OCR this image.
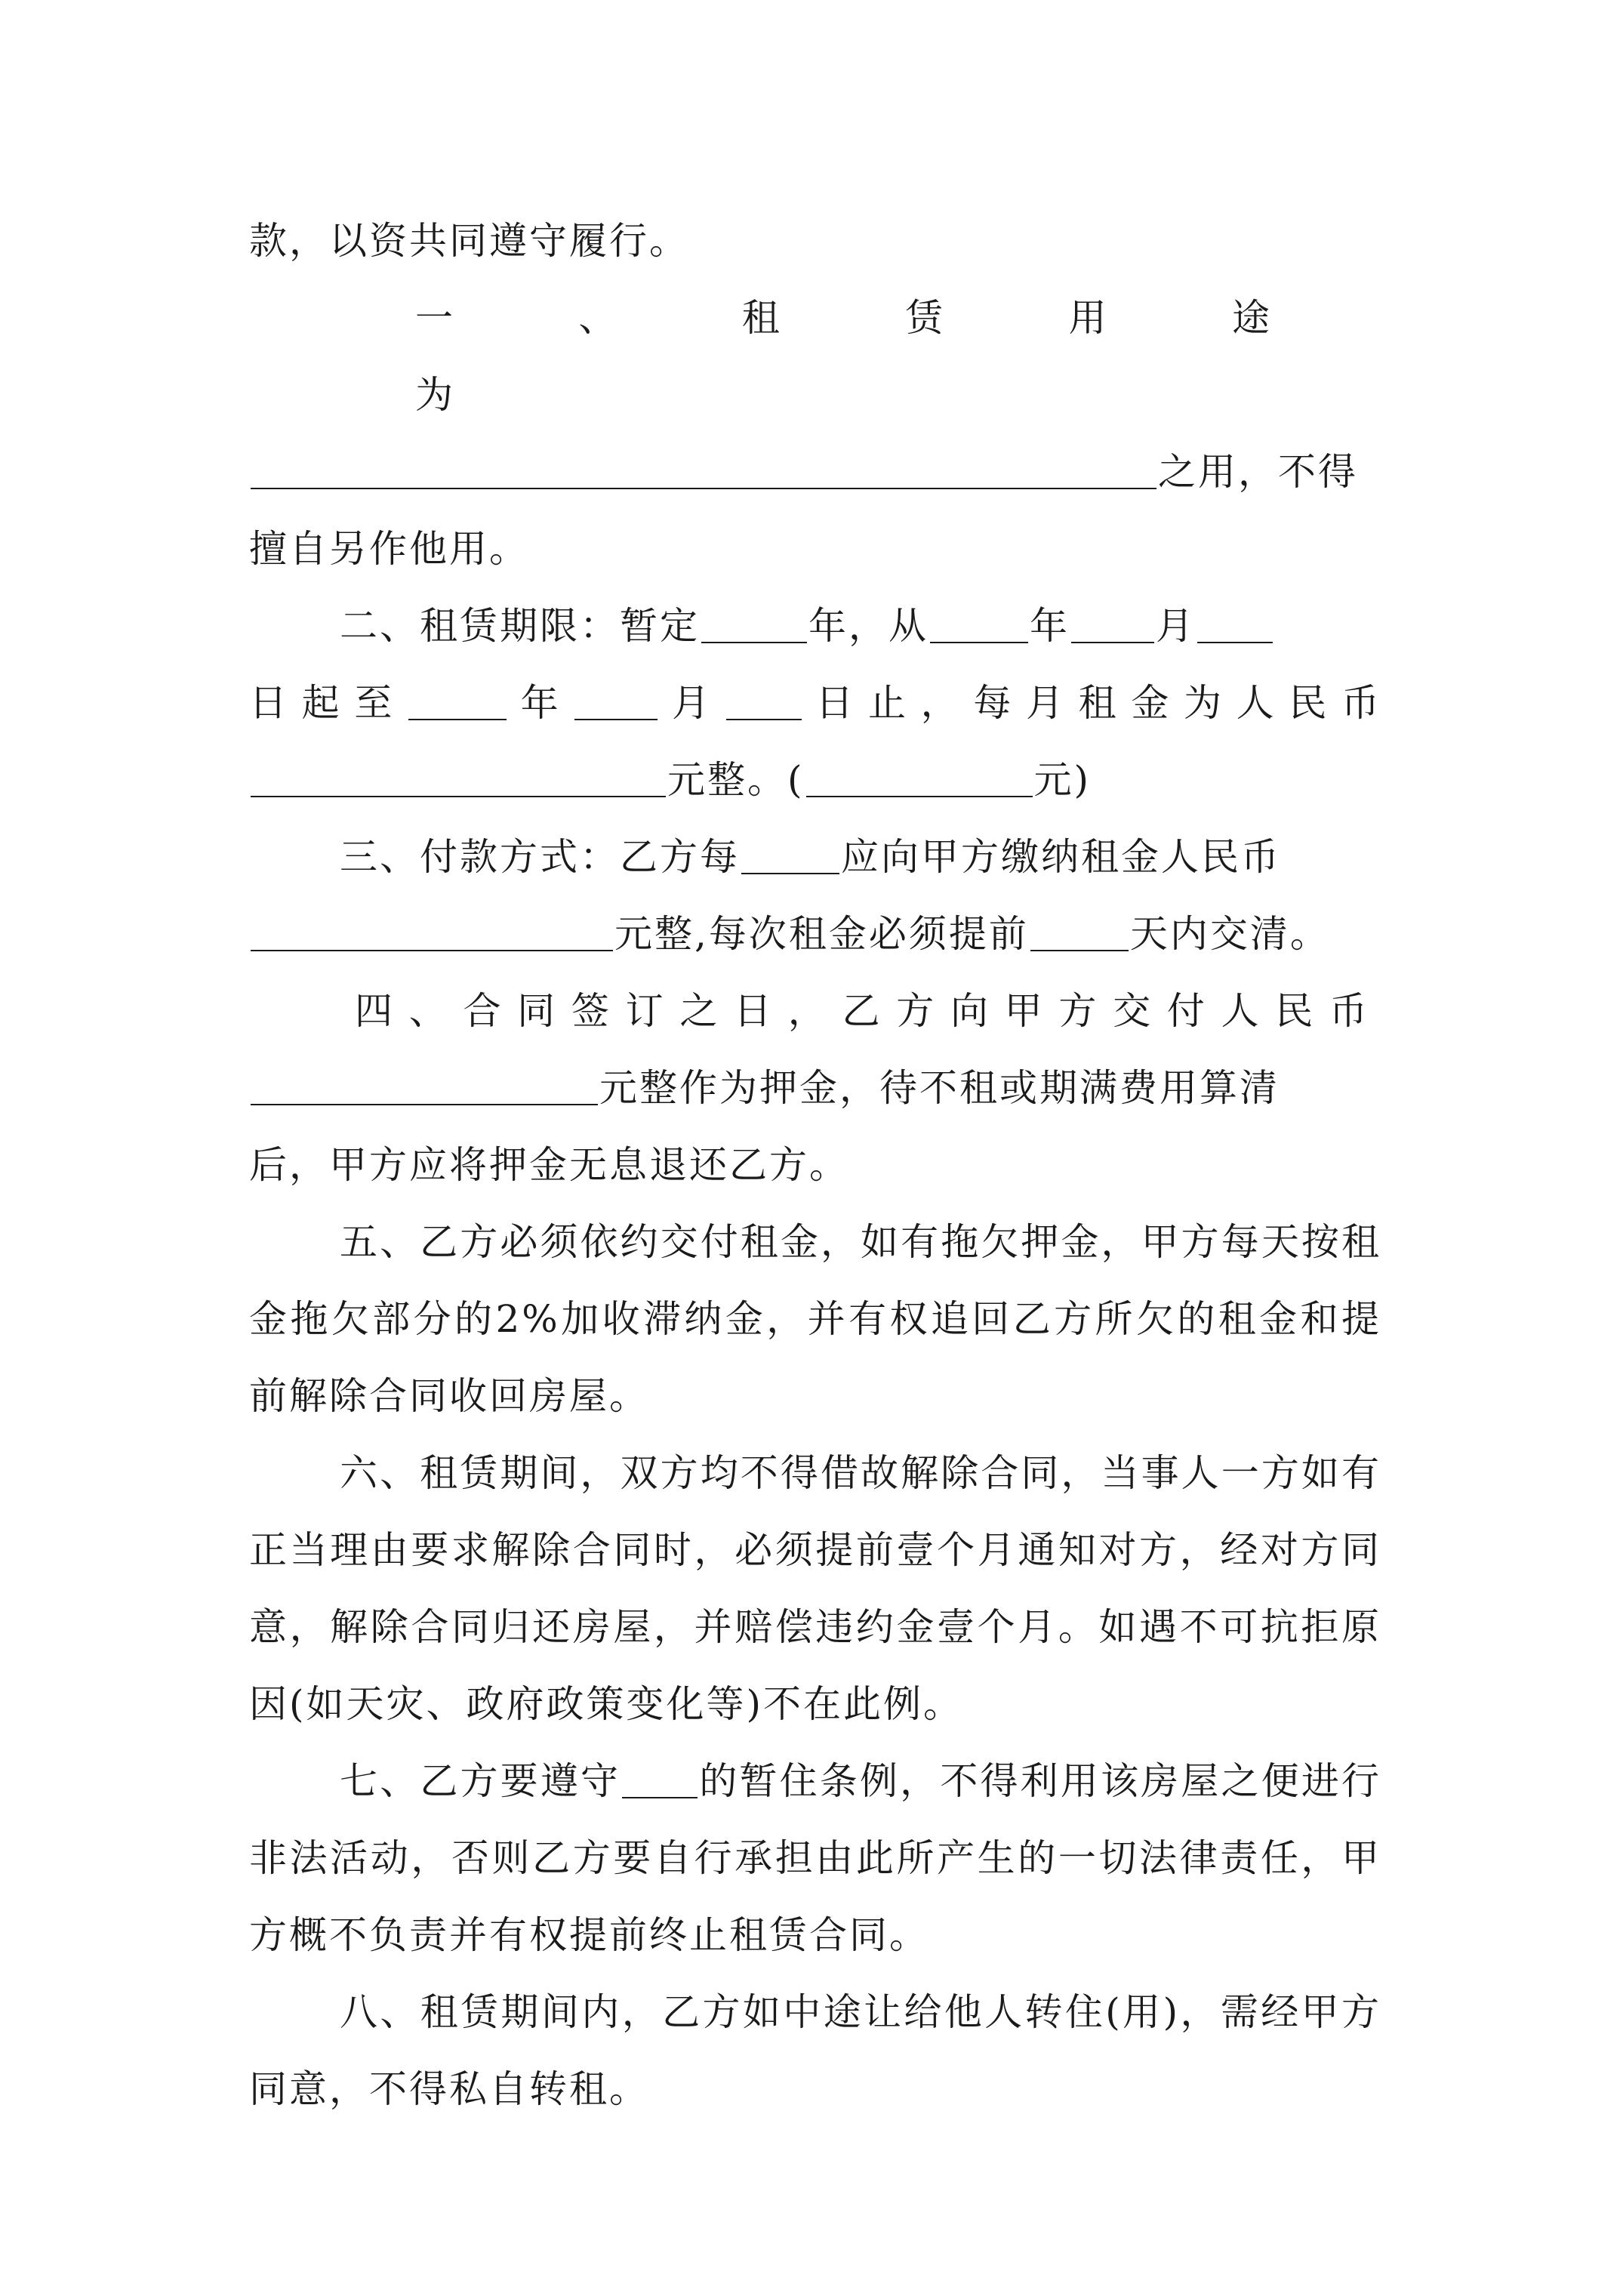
款，以资共同遵守履行。

一、租赁用途为

之用，不得

擅自另作他用。

二、租赁期限：暂定	年，从	年 月

日起至	年 月 日止，每月租金为人民币

元整。(	元)

三、付款方式：乙方每	应向甲方缴纳租金人民币

元整,每次租金必须提前	天内交清。

四、合同签订之日，乙方向甲方交付人民币

元整作为押金，待不租或期满费用算清

后，甲方应将押金无息退还乙方。

五、乙方必须依约交付租金，如有拖欠押金，甲方每天按租金拖欠部分的2%加收滞纳金，并有权追回乙方所欠的租金和提前解除合同收回房屋。

六、租赁期间，双方均不得借故解除合同，当事人一方如有正当理由要求解除合同时，必须提前壹个月通知对方，经对方同意，解除合同归还房屋，并赔偿违约金壹个月。如遇不可抗拒原因(如天灾、政府政策变化等)不在此例。

七、乙方要遵守 的暂住条例，不得利用该房屋之便进行非法活动，否则乙方要自行承担由此所产生的一切法律责任，甲方概不负责并有权提前终止租赁合同。

八、租赁期间内，乙方如中途让给他人转住(用)，需经甲方同意，不得私自转租。
